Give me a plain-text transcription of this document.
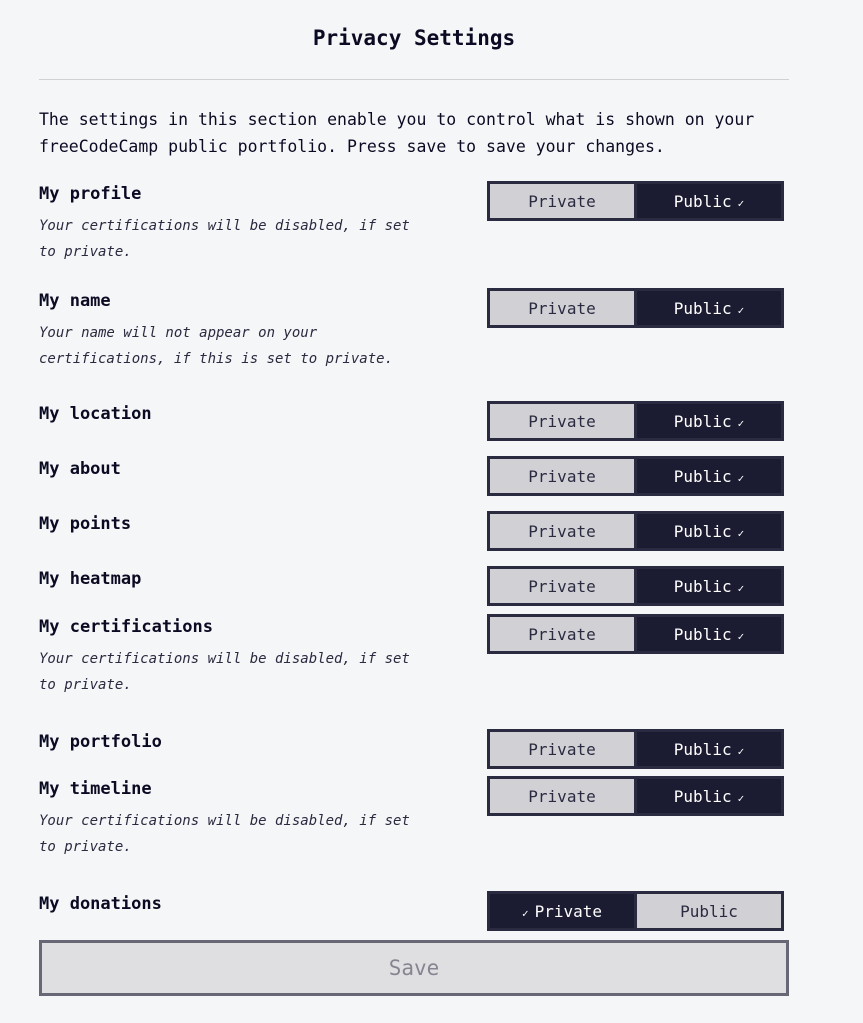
Privacy Settings

The settings in this section enable you to control what is shown on your freeCodeCamp public portfolio. Press save to save your changes.

My profile
Your certifications will be disabled, if set to private.
Private	Public ✓
My name
Your name will not appear on your certifications, if this is set to private.
Private	Public ✓
My location	Private	Public ✓
My about	Private	Public ✓
My points	Private	Public ✓
My heatmap	Private	Public ✓
My certifications
Your certifications will be disabled, if set to private.
Private	Public ✓
My portfolio	Private	Public ✓
My timeline
Your certifications will be disabled, if set to private.
Private	Public ✓
My donations	✓ Private	Public
Save
